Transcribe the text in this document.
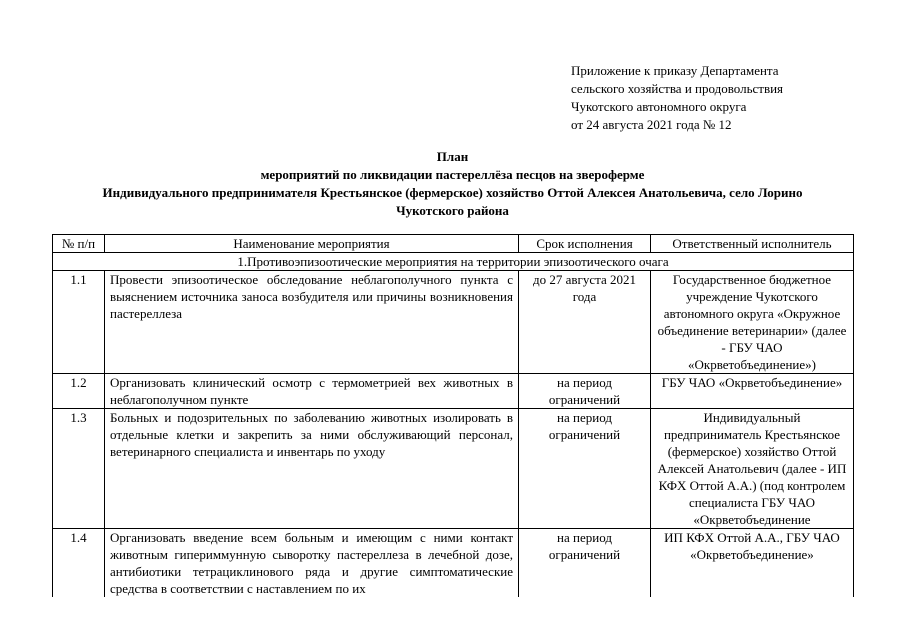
Приложение к приказу Департамента
сельского хозяйства и продовольствия
Чукотского автономного округа
от 24 августа 2021 года № 12
План
мероприятий по ликвидации пастереллёза песцов на звероферме
Индивидуального предпринимателя Крестьянское (фермерское) хозяйство Оттой Алексея Анатольевича, село Лорино
Чукотского района
№ п/п	Наименование мероприятия	Срок исполнения	Ответственный исполнитель
1.Противоэпизоотические мероприятия на территории эпизоотического очага			
1.1	Провести эпизоотическое обследование неблагополучного пункта с выяснением источника заноса возбудителя или причины возникновения пастереллеза	до 27 августа 2021 года	Государственное бюджетное учреждение Чукотского автономного округа «Окружное объединение ветеринарии» (далее - ГБУ ЧАО «Окрветобъединение»)
1.2	Организовать клинический осмотр с термометрией вех животных в неблагополучном пункте	на период ограничений	ГБУ ЧАО «Окрветобъединение»
1.3	Больных и подозрительных по заболеванию животных изолировать в отдельные клетки и закрепить за ними обслуживающий персонал, ветеринарного специалиста и инвентарь по уходу	на период ограничений	Индивидуальный предприниматель Крестьянское (фермерское) хозяйство Оттой Алексей Анатольевич (далее - ИП КФХ Оттой А.А.) (под контролем специалиста ГБУ ЧАО «Окрветобъединение
1.4	Организовать введение всем больным и имеющим с ними контакт животным гипериммунную сыворотку пастереллеза в лечебной дозе, антибиотики тетрациклинового ряда и другие симптоматические средства в соответствии с наставлением по их	на период ограничений	ИП КФХ Оттой А.А., ГБУ ЧАО «Окрветобъединение»
